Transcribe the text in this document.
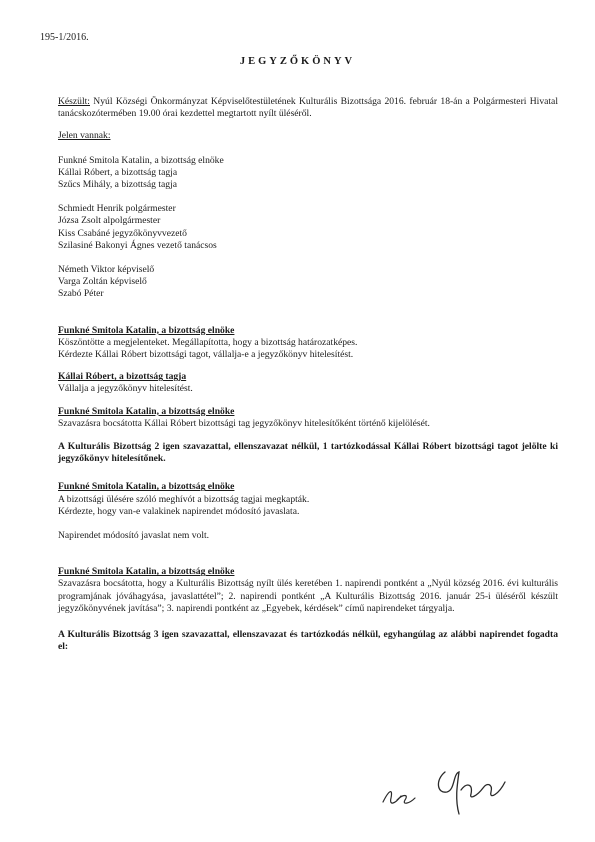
195-1/2016.
JEGYZŐKÖNYV

Készült: Nyúl Községi Önkormányzat Képviselőtestületének Kulturális Bizottsága 2016. február 18-án a Polgármesteri Hivatal tanácskozótermében 19.00 órai kezdettel megtartott nyílt üléséről.

Jelen vannak:

Funkné Smitola Katalin, a bizottság elnöke

Kállai Róbert, a bizottság tagja

Szűcs Mihály, a bizottság tagja

Schmiedt Henrik polgármester

Józsa Zsolt alpolgármester

Kiss Csabáné jegyzőkönyvvezető

Szilasiné Bakonyi Ágnes vezető tanácsos

Németh Viktor képviselő

Varga Zoltán képviselő

Szabó Péter

Funkné Smitola Katalin, a bizottság elnöke

Köszöntötte a megjelenteket. Megállapította, hogy a bizottság határozatképes.

Kérdezte Kállai Róbert bizottsági tagot, vállalja-e a jegyzőkönyv hitelesítést.

Kállai Róbert, a bizottság tagja

Vállalja a jegyzőkönyv hitelesítést.

Funkné Smitola Katalin, a bizottság elnöke

Szavazásra bocsátotta Kállai Róbert bizottsági tag jegyzőkönyv hitelesítőként történő kijelölését.

A Kulturális Bizottság 2 igen szavazattal, ellenszavazat nélkül, 1 tartózkodással Kállai Róbert bizottsági tagot jelölte ki jegyzőkönyv hitelesítőnek.

Funkné Smitola Katalin, a bizottság elnöke

A bizottsági ülésére szóló meghívót a bizottság tagjai megkapták.

Kérdezte, hogy van-e valakinek napirendet módosító javaslata.

Napirendet módosító javaslat nem volt.

Funkné Smitola Katalin, a bizottság elnöke

Szavazásra bocsátotta, hogy a Kulturális Bizottság nyílt ülés keretében 1. napirendi pontként a „Nyúl község 2016. évi kulturális programjának jóváhagyása, javaslattétel”; 2. napirendi pontként „A Kulturális Bizottság 2016. január 25-i üléséről készült jegyzőkönyvének javítása”; 3. napirendi pontként az „Egyebek, kérdések” című napirendeket tárgyalja.

A Kulturális Bizottság 3 igen szavazattal, ellenszavazat és tartózkodás nélkül, egyhangúlag az alábbi napirendet fogadta el:
